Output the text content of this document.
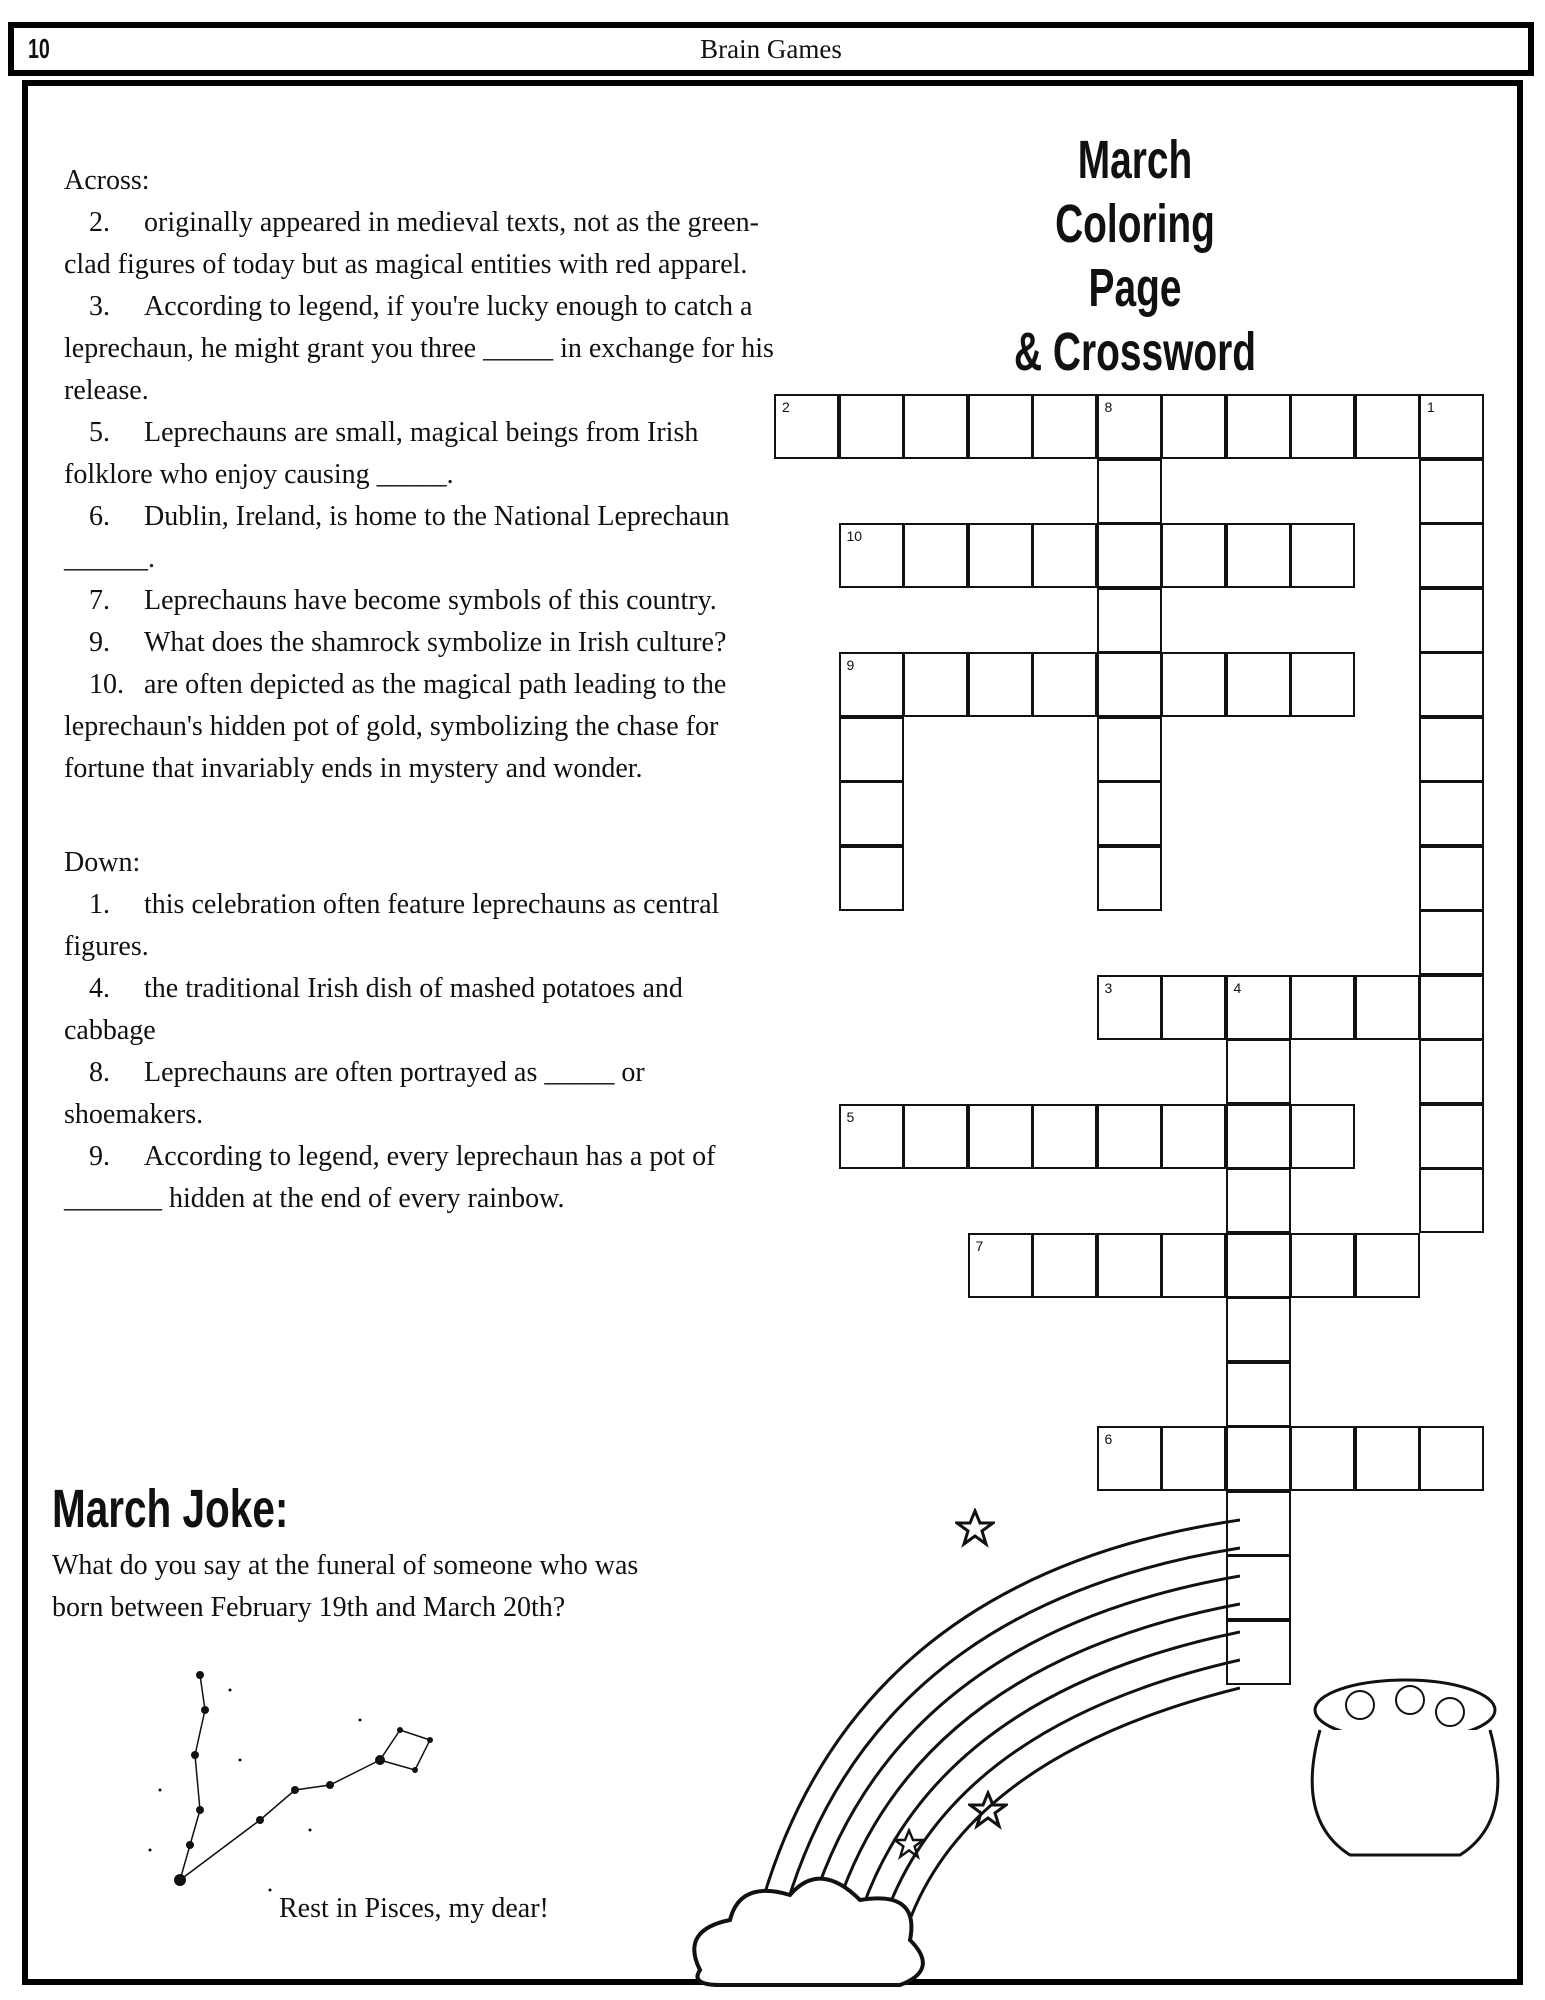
10	Brain Games
Across:

2. originally appeared in medieval texts, not as the green-clad figures of today but as magical entities with red apparel.

3. According to legend, if you're lucky enough to catch a leprechaun, he might grant you three _____ in exchange for his release.

5. Leprechauns are small, magical beings from Irish folklore who enjoy causing _____.

6. Dublin, Ireland, is home to the National Leprechaun ______.

7. Leprechauns have become symbols of this country.

9. What does the shamrock symbolize in Irish culture?

10. are often depicted as the magical path leading to the leprechaun's hidden pot of gold, symbolizing the chase for fortune that invariably ends in mystery and wonder.

Down:

1. this celebration often feature leprechauns as central figures.

4. the traditional Irish dish of mashed potatoes and cabbage

8. Leprechauns are often portrayed as _____ or shoemakers.

9. According to legend, every leprechaun has a pot of _______ hidden at the end of every rainbow.

March
Coloring Page
& Crossword
2	8	1
10
9
3	4
5
7
6
March Joke:
What do you say at the funeral of someone who was born between February 19th and March 20th?
Rest in Pisces, my dear!
